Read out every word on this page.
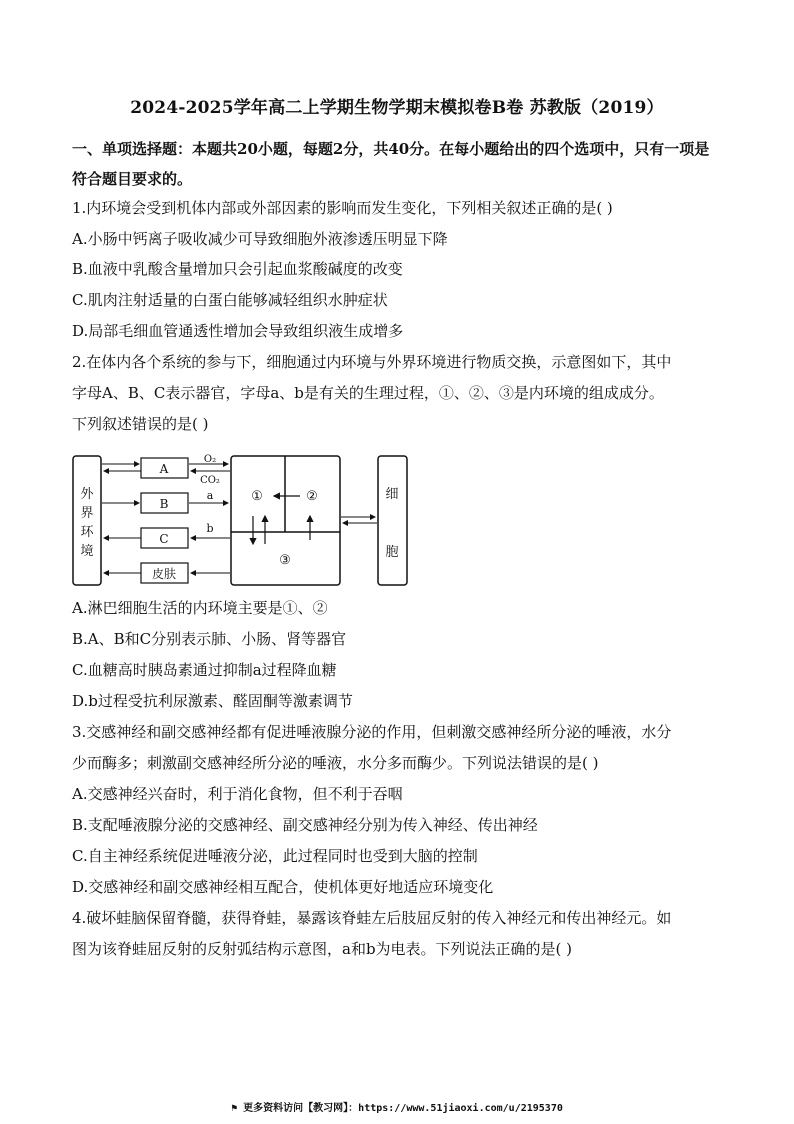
2024-2025学年高二上学期生物学期末模拟卷B卷 苏教版（2019）
一、单项选择题：本题共20小题，每题2分，共40分。在每小题给出的四个选项中，只有一项是符合题目要求的。
1.内环境会受到机体内部或外部因素的影响而发生变化，下列相关叙述正确的是( )
A.小肠中钙离子吸收减少可导致细胞外液渗透压明显下降
B.血液中乳酸含量增加只会引起血浆酸碱度的改变
C.肌肉注射适量的白蛋白能够减轻组织水肿症状
D.局部毛细血管通透性增加会导致组织液生成增多
2.在体内各个系统的参与下，细胞通过内环境与外界环境进行物质交换，示意图如下，其中
字母A、B、C表示器官，字母a、b是有关的生理过程，①、②、③是内环境的组成成分。
下列叙述错误的是( )
外
界
环
境
A
B
C
皮肤
O₂
CO₂
a
b
①	②
③
细
胞
A.淋巴细胞生活的内环境主要是①、②
B.A、B和C分别表示肺、小肠、肾等器官
C.血糖高时胰岛素通过抑制a过程降血糖
D.b过程受抗利尿激素、醛固酮等激素调节
3.交感神经和副交感神经都有促进唾液腺分泌的作用，但刺激交感神经所分泌的唾液，水分
少而酶多；刺激副交感神经所分泌的唾液，水分多而酶少。下列说法错误的是( )
A.交感神经兴奋时，利于消化食物，但不利于吞咽
B.支配唾液腺分泌的交感神经、副交感神经分别为传入神经、传出神经
C.自主神经系统促进唾液分泌，此过程同时也受到大脑的控制
D.交感神经和副交感神经相互配合，使机体更好地适应环境变化
4.破坏蛙脑保留脊髓，获得脊蛙，暴露该脊蛙左后肢屈反射的传入神经元和传出神经元。如
图为该脊蛙屈反射的反射弧结构示意图，a和b为电表。下列说法正确的是( )
⚑ 更多资料访问【教习网】：https://www.51jiaoxi.com/u/2195370
